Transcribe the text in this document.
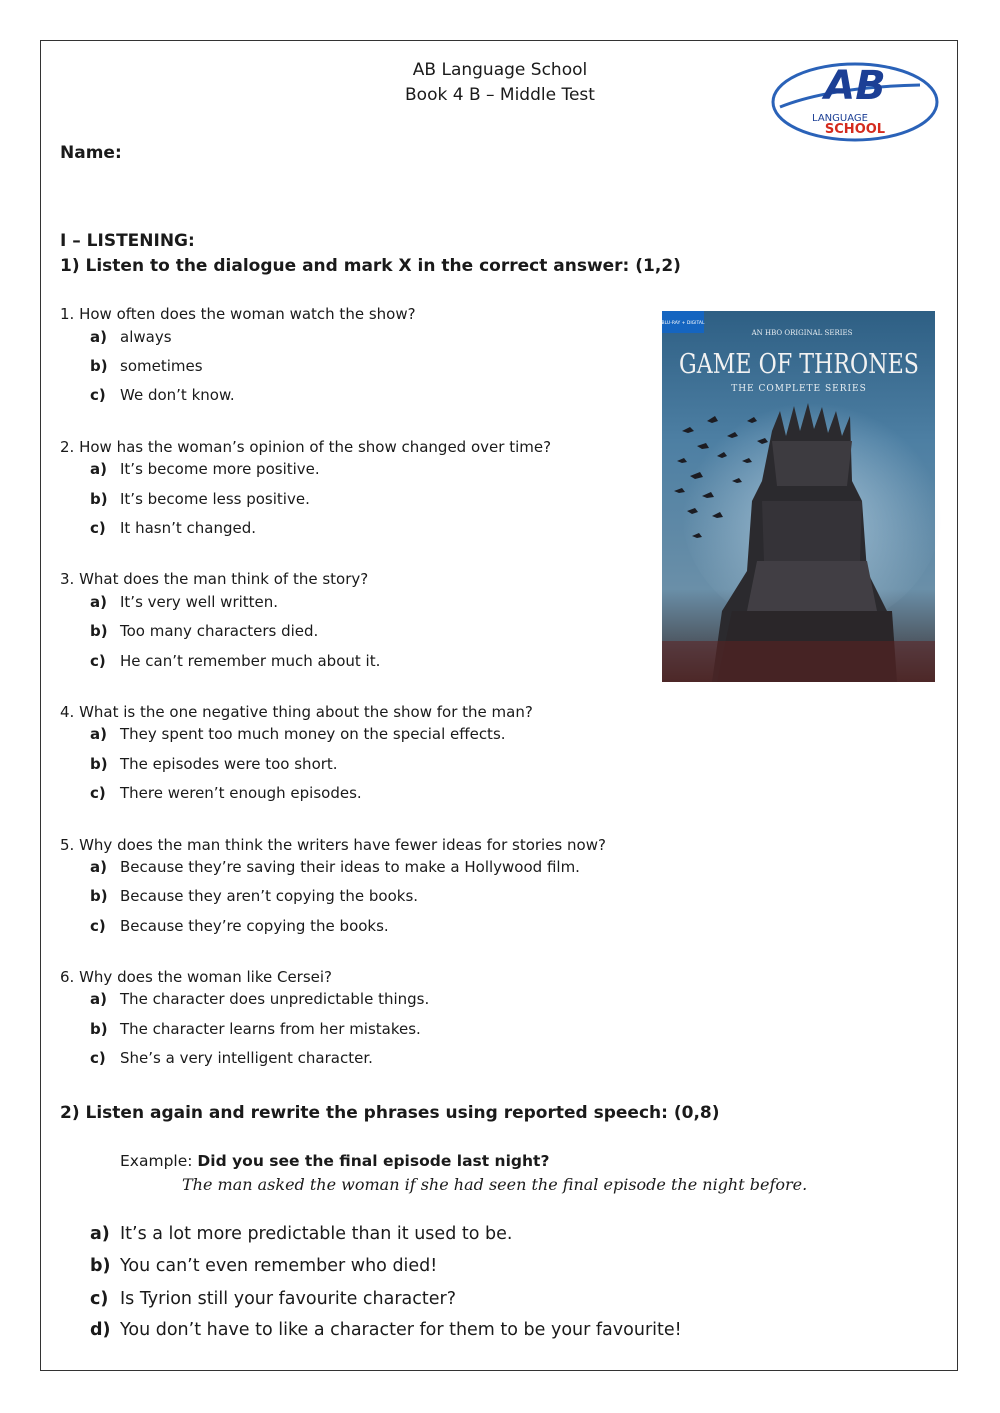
AB Language School
Book 4 B – Middle Test
Name:
AB
LANGUAGE
SCHOOL
I – LISTENING:
1) Listen to the dialogue and mark X in the correct answer: (1,2)
1. How often does the woman watch the show?
a) always
b) sometimes
c) We don’t know.
2. How has the woman’s opinion of the show changed over time?
a) It’s become more positive.
b) It’s become less positive.
c) It hasn’t changed.
3. What does the man think of the story?
a) It’s very well written.
b) Too many characters died.
c) He can’t remember much about it.
4. What is the one negative thing about the show for the man?
a) They spent too much money on the special effects.
b) The episodes were too short.
c) There weren’t enough episodes.
5. Why does the man think the writers have fewer ideas for stories now?
a) Because they’re saving their ideas to make a Hollywood film.
b) Because they aren’t copying the books.
c) Because they’re copying the books.
6. Why does the woman like Cersei?
a) The character does unpredictable things.
b) The character learns from her mistakes.
c) She’s a very intelligent character.
BLU-RAY + DIGITAL
AN HBO ORIGINAL SERIES
GAME OF THRONES
THE COMPLETE SERIES
2) Listen again and rewrite the phrases using reported speech: (0,8)
Example: Did you see the final episode last night?
The man asked the woman if she had seen the final episode the night before.
a) It’s a lot more predictable than it used to be.
b) You can’t even remember who died!
c) Is Tyrion still your favourite character?
d) You don’t have to like a character for them to be your favourite!
